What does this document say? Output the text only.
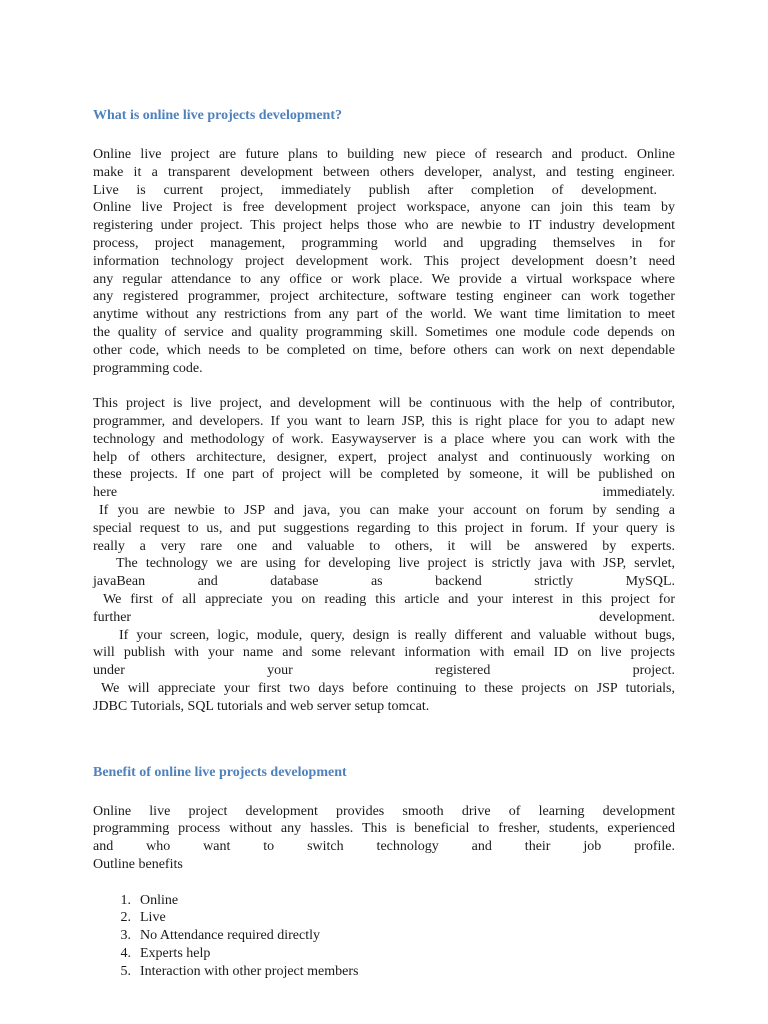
What is online live projects development?

Online live project are future plans to building new piece of research and product. Online
make it a transparent development between others developer, analyst, and testing engineer.
Live is current project, immediately publish after completion of development.
Online live Project is free development project workspace, anyone can join this team by
registering under project. This project helps those who are newbie to IT industry development
process, project management, programming world and upgrading themselves in for
information technology project development work. This project development doesn’t need
any regular attendance to any office or work place. We provide a virtual workspace where
any registered programmer, project architecture, software testing engineer can work together
anytime without any restrictions from any part of the world. We want time limitation to meet
the quality of service and quality programming skill. Sometimes one module code depends on
other code, which needs to be completed on time, before others can work on next dependable
programming code.

This project is live project, and development will be continuous with the help of contributor,
programmer, and developers. If you want to learn JSP, this is right place for you to adapt new
technology and methodology of work. Easywayserver is a place where you can work with the
help of others architecture, designer, expert, project analyst and continuously working on
these projects. If one part of project will be completed by someone, it will be published on
here immediately.
If you are newbie to JSP and java, you can make your account on forum by sending a
special request to us, and put suggestions regarding to this project in forum. If your query is
really a very rare one and valuable to others, it will be answered by experts.
The technology we are using for developing live project is strictly java with JSP, servlet,
javaBean and database as backend strictly MySQL.
We first of all appreciate you on reading this article and your interest in this project for
further development.
If your screen, logic, module, query, design is really different and valuable without bugs,
will publish with your name and some relevant information with email ID on live projects
under your registered project.
We will appreciate your first two days before continuing to these projects on JSP tutorials,
JDBC Tutorials, SQL tutorials and web server setup tomcat.

Benefit of online live projects development

Online live project development provides smooth drive of learning development
programming process without any hassles. This is beneficial to fresher, students, experienced
and who want to switch technology and their job profile.
Outline benefits

1. Online
2. Live
3. No Attendance required directly
4. Experts help
5. Interaction with other project members
